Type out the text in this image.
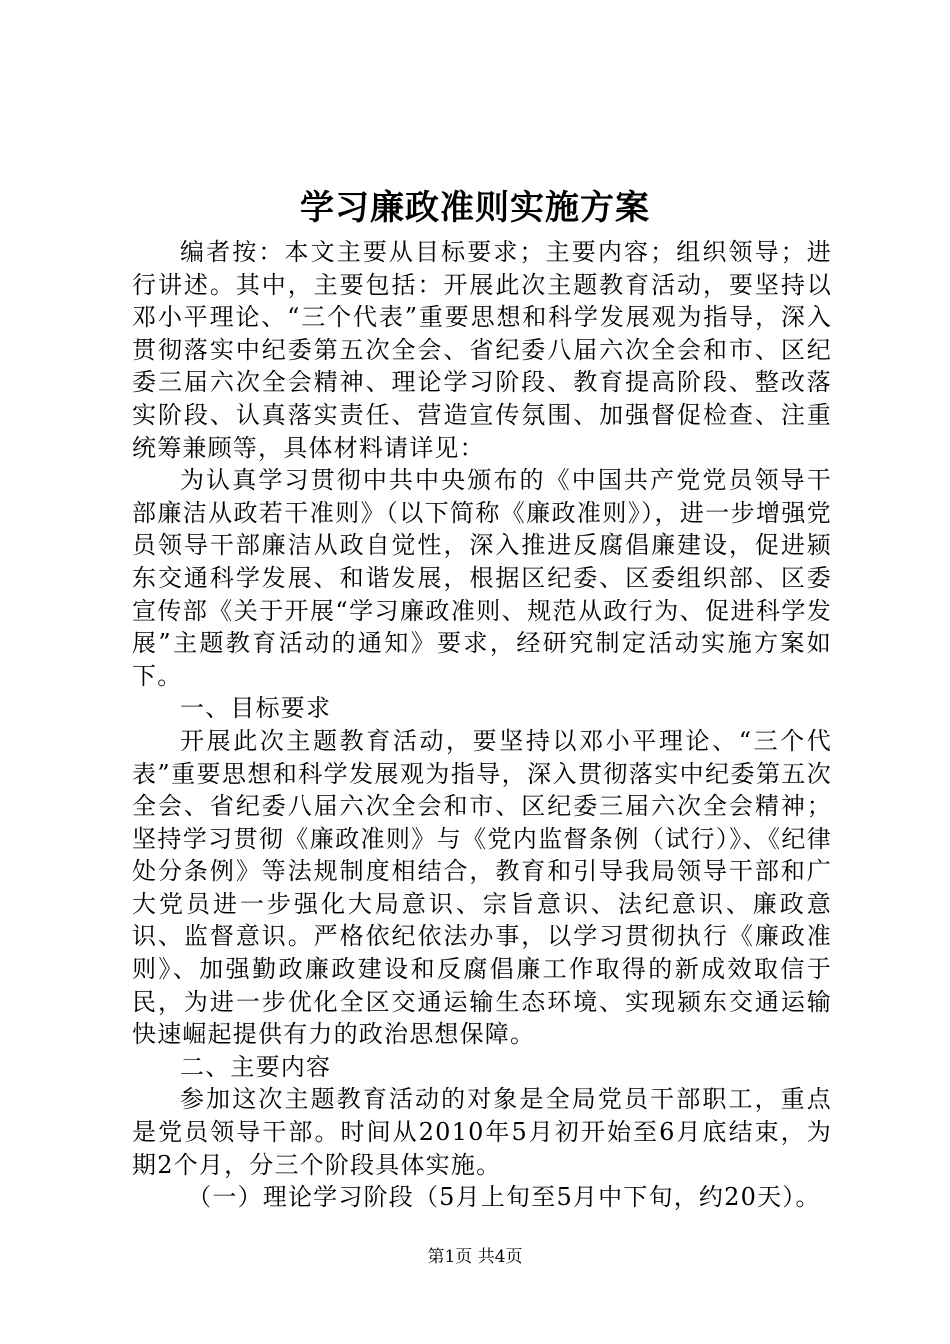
学习廉政准则实施方案

编者按：本文主要从目标要求；主要内容；组织领导；进行讲述。其中，主要包括：开展此次主题教育活动，要坚持以邓小平理论、“三个代表”重要思想和科学发展观为指导，深入贯彻落实中纪委第五次全会、省纪委八届六次全会和市、区纪委三届六次全会精神、理论学习阶段、教育提高阶段、整改落实阶段、认真落实责任、营造宣传氛围、加强督促检查、注重统筹兼顾等，具体材料请详见：

为认真学习贯彻中共中央颁布的《中国共产党党员领导干部廉洁从政若干准则》（以下简称《廉政准则》），进一步增强党员领导干部廉洁从政自觉性，深入推进反腐倡廉建设，促进颍东交通科学发展、和谐发展，根据区纪委、区委组织部、区委宣传部《关于开展“学习廉政准则、规范从政行为、促进科学发展”主题教育活动的通知》要求，经研究制定活动实施方案如下。

一、目标要求

开展此次主题教育活动，要坚持以邓小平理论、“三个代表”重要思想和科学发展观为指导，深入贯彻落实中纪委第五次全会、省纪委八届六次全会和市、区纪委三届六次全会精神；坚持学习贯彻《廉政准则》与《党内监督条例（试行）》、《纪律处分条例》等法规制度相结合，教育和引导我局领导干部和广大党员进一步强化大局意识、宗旨意识、法纪意识、廉政意识、监督意识。严格依纪依法办事，以学习贯彻执行《廉政准则》、加强勤政廉政建设和反腐倡廉工作取得的新成效取信于民，为进一步优化全区交通运输生态环境、实现颍东交通运输快速崛起提供有力的政治思想保障。

二、主要内容

参加这次主题教育活动的对象是全局党员干部职工，重点是党员领导干部。时间从2010年5月初开始至6月底结束，为期2个月，分三个阶段具体实施。

（一）理论学习阶段（5月上旬至5月中下旬，约20天）。

第1页 共4页
